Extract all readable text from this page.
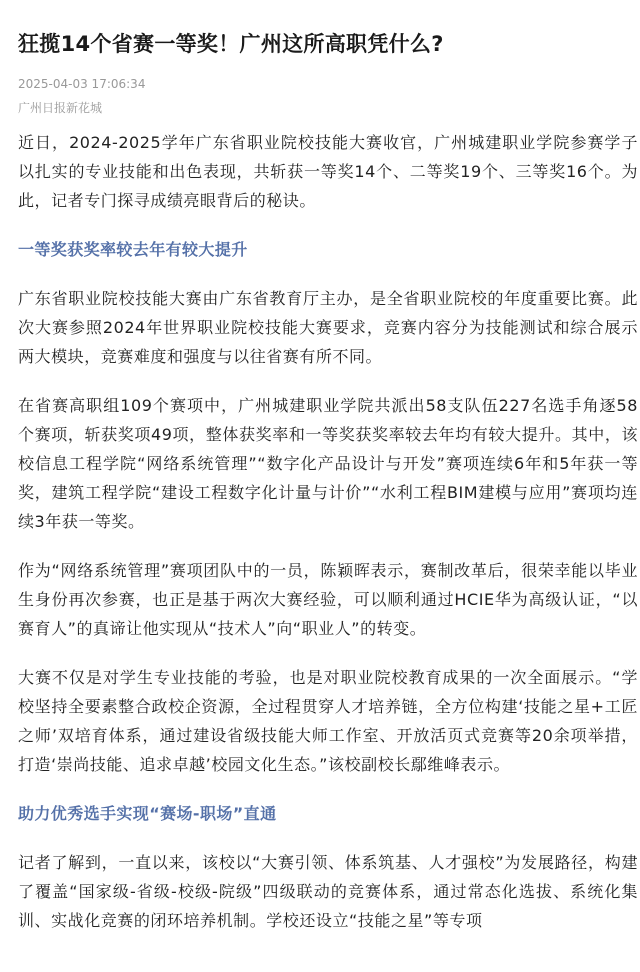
狂揽14个省赛一等奖！广州这所高职凭什么?
2025-04-03 17:06:34
广州日报新花城

近日，2024-2025学年广东省职业院校技能大赛收官，广州城建职业学院参赛学子以扎实的专业技能和出色表现，共斩获一等奖14个、二等奖19个、三等奖16个。为此，记者专门探寻成绩亮眼背后的秘诀。

一等奖获奖率较去年有较大提升

广东省职业院校技能大赛由广东省教育厅主办，是全省职业院校的年度重要比赛。此次大赛参照2024年世界职业院校技能大赛要求，竞赛内容分为技能测试和综合展示两大模块，竞赛难度和强度与以往省赛有所不同。

在省赛高职组109个赛项中，广州城建职业学院共派出58支队伍227名选手角逐58个赛项，斩获奖项49项，整体获奖率和一等奖获奖率较去年均有较大提升。其中，该校信息工程学院“网络系统管理”“数字化产品设计与开发”赛项连续6年和5年获一等奖，建筑工程学院“建设工程数字化计量与计价”“水利工程BIM建模与应用”赛项均连续3年获一等奖。

作为“网络系统管理”赛项团队中的一员，陈颖晖表示，赛制改革后，很荣幸能以毕业生身份再次参赛，也正是基于两次大赛经验，可以顺利通过HCIE华为高级认证，“以赛育人”的真谛让他实现从“技术人”向“职业人”的转变。

大赛不仅是对学生专业技能的考验，也是对职业院校教育成果的一次全面展示。“学校坚持全要素整合政校企资源，全过程贯穿人才培养链，全方位构建‘技能之星+工匠之师’双培育体系，通过建设省级技能大师工作室、开放活页式竞赛等20余项举措，打造‘崇尚技能、追求卓越’校园文化生态。”该校副校长鄢维峰表示。

助力优秀选手实现“赛场-职场”直通

记者了解到，一直以来，该校以“大赛引领、体系筑基、人才强校”为发展路径，构建了覆盖“国家级-省级-校级-院级”四级联动的竞赛体系，通过常态化选拔、系统化集训、实战化竞赛的闭环培养机制。学校还设立“技能之星”等专项
